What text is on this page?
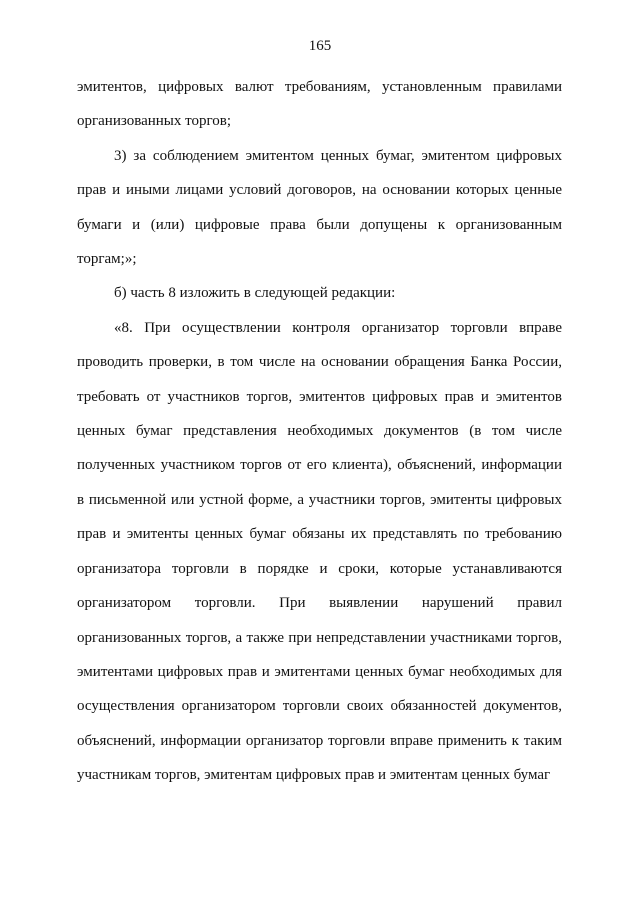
165
эмитентов, цифровых валют требованиям, установленным правилами
организованных торгов;
3) за соблюдением эмитентом ценных бумаг, эмитентом цифровых
прав и иными лицами условий договоров, на основании которых ценные
бумаги и (или) цифровые права были допущены к организованным
торгам;»;
б) часть 8 изложить в следующей редакции:
«8. При осуществлении контроля организатор торговли вправе
проводить проверки, в том числе на основании обращения Банка России,
требовать от участников торгов, эмитентов цифровых прав и эмитентов
ценных бумаг представления необходимых документов (в том числе
полученных участником торгов от его клиента), объяснений, информации
в письменной или устной форме, а участники торгов, эмитенты цифровых
прав и эмитенты ценных бумаг обязаны их представлять по требованию
организатора торговли в порядке и сроки, которые устанавливаются
организатором торговли. При выявлении нарушений правил
организованных торгов, а также при непредставлении участниками торгов,
эмитентами цифровых прав и эмитентами ценных бумаг необходимых для
осуществления организатором торговли своих обязанностей документов,
объяснений, информации организатор торговли вправе применить к таким
участникам торгов, эмитентам цифровых прав и эмитентам ценных бумаг
